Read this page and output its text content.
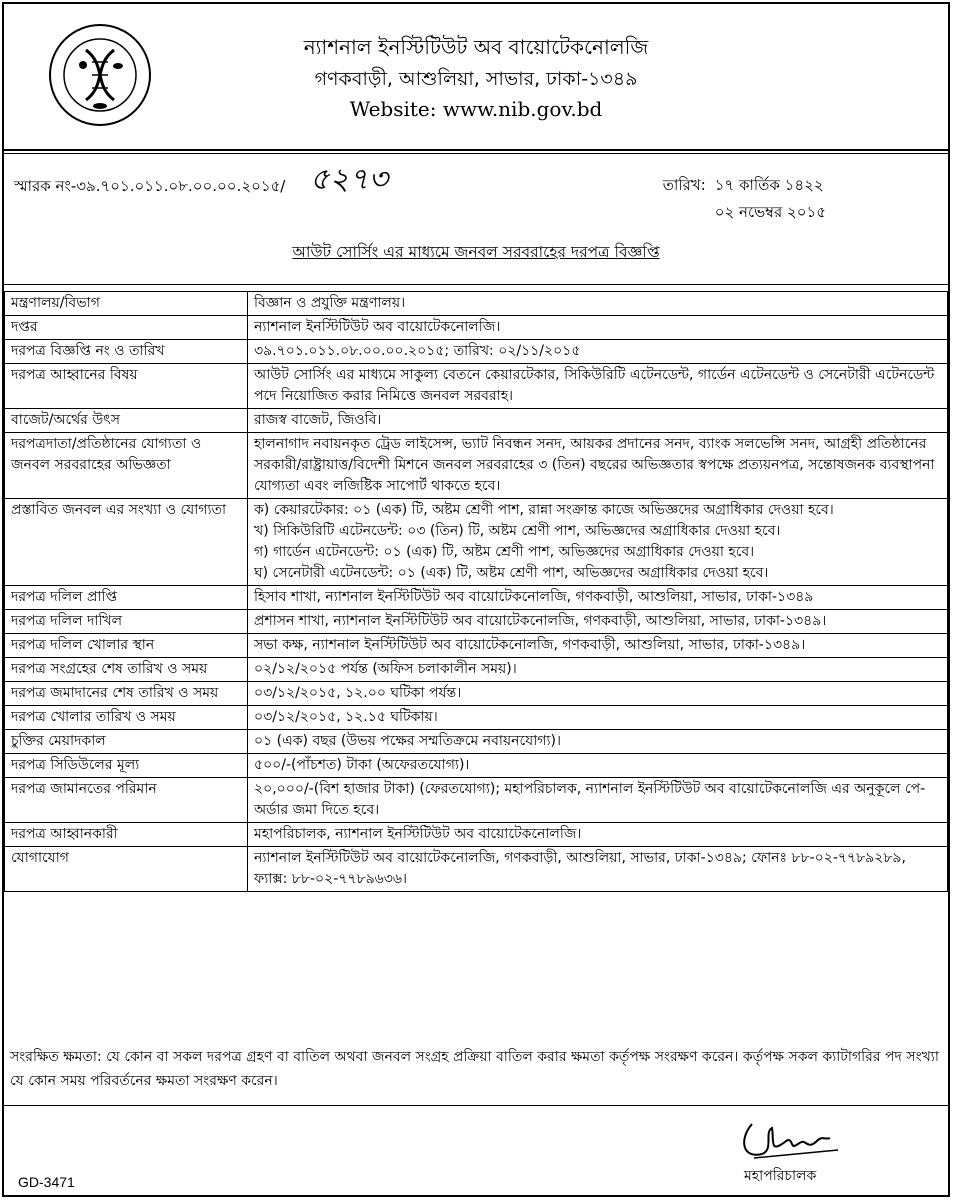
ন্যাশনাল ইনস্টিটিউট অব বায়োটেকনোলজি
গণকবাড়ী, আশুলিয়া, সাভার, ঢাকা-১৩৪৯
Website: www.nib.gov.bd
স্মারক নং-৩৯.৭০১.০১১.০৮.০০.০০.২০১৫/ ৫২৭৩	তারিখ: ১৭ কার্তিক ১৪২২
০২ নভেম্বর ২০১৫
আউট সোর্সিং এর মাধ্যমে জনবল সরবরাহের দরপত্র বিজ্ঞপ্তি
মন্ত্রণালয়/বিভাগ	বিজ্ঞান ও প্রযুক্তি মন্ত্রণালয়।
দপ্তর	ন্যাশনাল ইনস্টিটিউট অব বায়োটেকনোলজি।
দরপত্র বিজ্ঞপ্তি নং ও তারিখ	৩৯.৭০১.০১১.০৮.০০.০০.২০১৫; তারিখ: ০২/১১/২০১৫
দরপত্র আহ্বানের বিষয়	আউট সোর্সিং এর মাধ্যমে সাকুল্য বেতনে কেয়ারটেকার, সিকিউরিটি এটেনডেন্ট, গার্ডেন এটেনডেন্ট ও সেনেটারী এটেনডেন্ট পদে নিয়োজিত করার নিমিত্তে জনবল সরবরাহ।
বাজেট/অর্থের উৎস	রাজস্ব বাজেট, জিওবি।
দরপত্রদাতা/প্রতিষ্ঠানের যোগ্যতা ও জনবল সরবরাহের অভিজ্ঞতা	হালনাগাদ নবায়নকৃত ট্রেড লাইসেন্স, ভ্যাট নিবন্ধন সনদ, আয়কর প্রদানের সনদ, ব্যাংক সলভেন্সি সনদ, আগ্রহী প্রতিষ্ঠানের সরকারী/রাষ্ট্রায়াত্ত/বিদেশী মিশনে জনবল সরবরাহের ৩ (তিন) বছরের অভিজ্ঞতার স্বপক্ষে প্রত্যয়নপত্র, সন্তোষজনক ব্যবস্থাপনা যোগ্যতা এবং লজিষ্টিক সাপোর্ট থাকতে হবে।
প্রস্তাবিত জনবল এর সংখ্যা ও যোগ্যতা	ক) কেয়ারটেকার: ০১ (এক) টি, অষ্টম শ্রেণী পাশ, রান্না সংক্রান্ত কাজে অভিজ্ঞদের অগ্রাধিকার দেওয়া হবে।
খ) সিকিউরিটি এটেনডেন্ট: ০৩ (তিন) টি, অষ্টম শ্রেণী পাশ, অভিজ্ঞদের অগ্রাধিকার দেওয়া হবে।
গ) গার্ডেন এটেনডেন্ট: ০১ (এক) টি, অষ্টম শ্রেণী পাশ, অভিজ্ঞদের অগ্রাধিকার দেওয়া হবে।
ঘ) সেনেটারী এটেনডেন্ট: ০১ (এক) টি, অষ্টম শ্রেণী পাশ, অভিজ্ঞদের অগ্রাধিকার দেওয়া হবে।

দরপত্র দলিল প্রাপ্তি	হিসাব শাখা, ন্যাশনাল ইনস্টিটিউট অব বায়োটেকনোলজি, গণকবাড়ী, আশুলিয়া, সাভার, ঢাকা-১৩৪৯
দরপত্র দলিল দাখিল	প্রশাসন শাখা, ন্যাশনাল ইনস্টিটিউট অব বায়োটেকনোলজি, গণকবাড়ী, আশুলিয়া, সাভার, ঢাকা-১৩৪৯।
দরপত্র দলিল খোলার স্থান	সভা কক্ষ, ন্যাশনাল ইনস্টিটিউট অব বায়োটেকনোলজি, গণকবাড়ী, আশুলিয়া, সাভার, ঢাকা-১৩৪৯।
দরপত্র সংগ্রহের শেষ তারিখ ও সময়	০২/১২/২০১৫ পর্যন্ত (অফিস চলাকালীন সময়)।
দরপত্র জমাদানের শেষ তারিখ ও সময়	০৩/১২/২০১৫, ১২.০০ ঘটিকা পর্যন্ত।
দরপত্র খোলার তারিখ ও সময়	০৩/১২/২০১৫, ১২.১৫ ঘটিকায়।
চুক্তির মেয়াদকাল	০১ (এক) বছর (উভয় পক্ষের সম্মতিক্রমে নবায়নযোগ্য)।
দরপত্র সিডিউলের মূল্য	৫০০/-(পাঁচশত) টাকা (অফেরতযোগ্য)।
দরপত্র জামানতের পরিমান	২০,০০০/-(বিশ হাজার টাকা) (ফেরতযোগ্য); মহাপরিচালক, ন্যাশনাল ইনস্টিটিউট অব বায়োটেকনোলজি এর অনুকূলে পে-অর্ডার জমা দিতে হবে।
দরপত্র আহ্বানকারী	মহাপরিচালক, ন্যাশনাল ইনস্টিটিউট অব বায়োটেকনোলজি।
যোগাযোগ	ন্যাশনাল ইনস্টিটিউট অব বায়োটেকনোলজি, গণকবাড়ী, আশুলিয়া, সাভার, ঢাকা-১৩৪৯; ফোনঃ ৮৮-০২-৭৭৮৯২৮৯, ফ্যাক্স: ৮৮-০২-৭৭৮৯৬৩৬।
সংরক্ষিত ক্ষমতা: যে কোন বা সকল দরপত্র গ্রহণ বা বাতিল অথবা জনবল সংগ্রহ প্রক্রিয়া বাতিল করার ক্ষমতা কর্তৃপক্ষ সংরক্ষণ করেন। কর্তৃপক্ষ সকল ক্যাটাগরির পদ সংখ্যা যে কোন সময় পরিবর্তনের ক্ষমতা সংরক্ষণ করেন।
মহাপরিচালক
GD-3471
